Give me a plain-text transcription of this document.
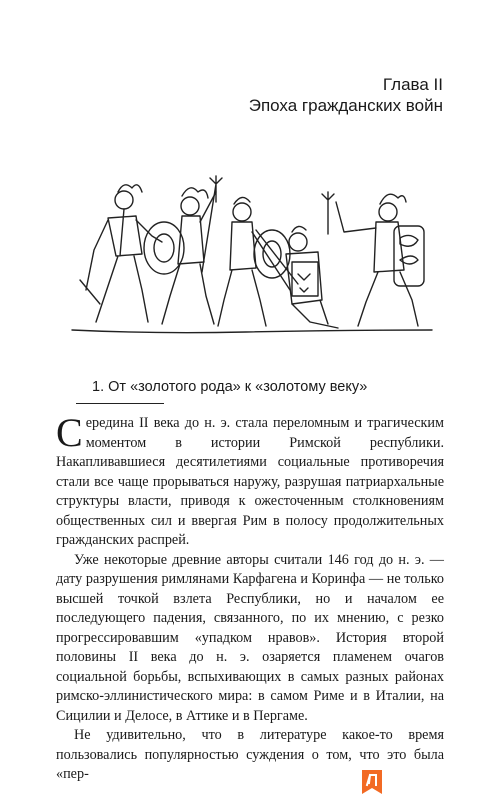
Глава II
Эпоха гражданских войн
1. От «золотого рода» к «золотому веку»

Середина II века до н. э. стала переломным и трагическим моментом в истории Римской республики. Накапливавшиеся десятилетиями социальные противоречия стали все чаще прорываться наружу, разрушая патриархальные структуры власти, приводя к ожесточенным столкновениям общественных сил и ввергая Рим в полосу продолжительных гражданских распрей.

Уже некоторые древние авторы считали 146 год до н. э. — дату разрушения римлянами Карфагена и Коринфа — не только высшей точкой взлета Республики, но и началом ее последующего падения, связанного, по их мнению, с резко прогрессировавшим «упадком нравов». История второй половины II века до н. э. озаряется пламенем очагов социальной борьбы, вспыхивающих в самых разных районах римско-эллинистического мира: в самом Риме и в Италии, на Сицилии и Делосе, в Аттике и в Пергаме.

Не удивительно, что в литературе какое-то время пользовались популярностью суждения о том, что это была «пер-
